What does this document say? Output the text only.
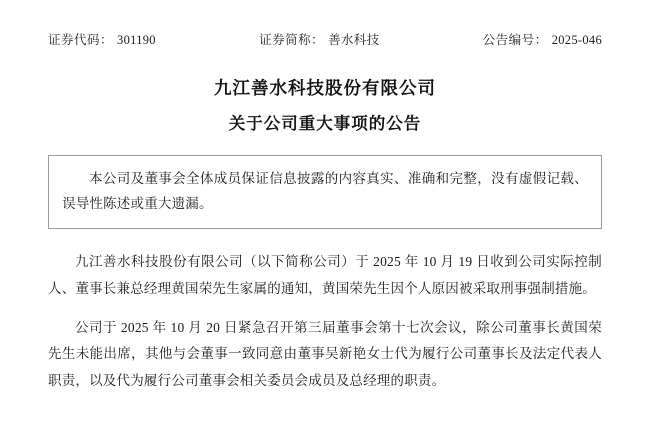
证券代码： 301190	证券简称： 善水科技	公告编号： 2025-046
九江善水科技股份有限公司
关于公司重大事项的公告

本公司及董事会全体成员保证信息披露的内容真实、准确和完整，没有虚假记载、误导性陈述或重大遗漏。

九江善水科技股份有限公司（以下简称公司）于 2025 年 10 月 19 日收到公司实际控制人、董事长兼总经理黄国荣先生家属的通知，黄国荣先生因个人原因被采取刑事强制措施。

公司于 2025 年 10 月 20 日紧急召开第三届董事会第十七次会议，除公司董事长黄国荣先生未能出席，其他与会董事一致同意由董事吴新艳女士代为履行公司董事长及法定代表人职责，以及代为履行公司董事会相关委员会成员及总经理的职责。
